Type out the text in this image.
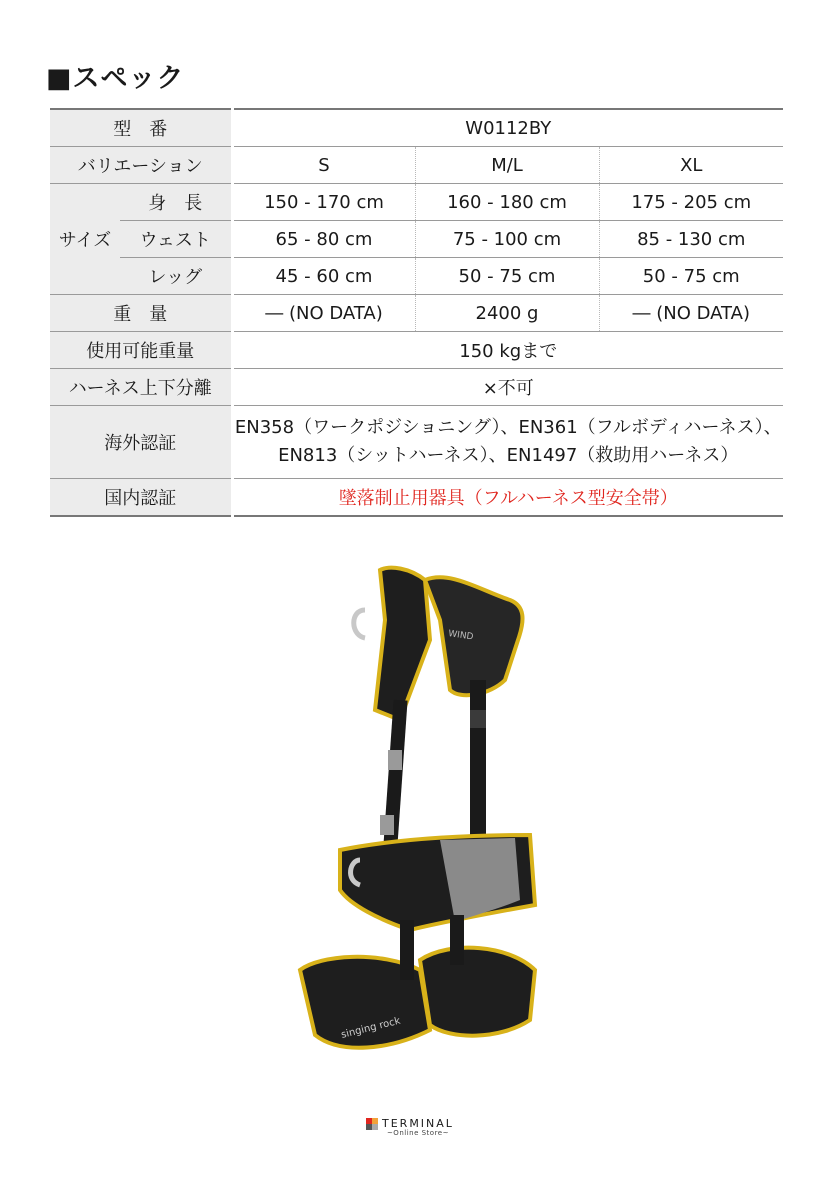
■スペック
型　番		W0112BY		
バリエーション		S	M/L	XL
サイズ	身　長	150 - 170 cm	160 - 180 cm	175 - 205 cm
	ウェスト	65 - 80 cm	75 - 100 cm	85 - 130 cm
	レッグ	45 - 60 cm	50 - 75 cm	50 - 75 cm
重　量		― (NO DATA)	2400 g	― (NO DATA)
使用可能重量		150 kgまで		
ハーネス上下分離		×不可		
海外認証		EN358（ワークポジショニング）、EN361（フルボディハーネス）、
EN813（シットハーネス）、EN1497（救助用ハーネス）		

国内認証		墜落制止用器具（フルハーネス型安全帯）		
WIND
singing rock
TERMINAL
~Online Store~
